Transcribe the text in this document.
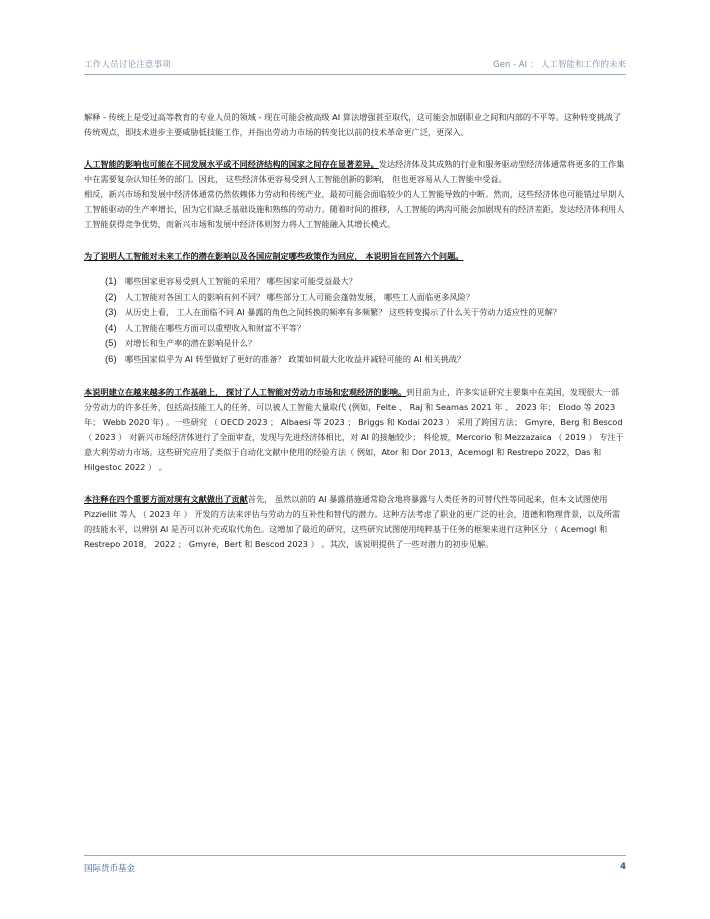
工作人员讨论注意事项	Gen - AI ： 人工智能和工作的未来

解释 - 传统上是受过高等教育的专业人员的领域 - 现在可能会被高级 AI 算法增强甚至取代，这可能会加剧职业之间和内部的不平等。这种转变挑战了传统观点，即技术进步主要威胁低技能工作，并指出劳动力市场的转变比以前的技术革命更广泛，更深入。

人工智能的影响也可能在不同发展水平或不同经济结构的国家之间存在显著差异。发达经济体及其成熟的行业和服务驱动型经济体通常将更多的工作集中在需要复杂认知任务的部门。因此， 这些经济体更容易受到人工智能创新的影响， 但也更容易从人工智能中受益。

相反，新兴市场和发展中经济体通常仍然依赖体力劳动和传统产业，最初可能会面临较少的人工智能导致的中断。然而，这些经济体也可能错过早期人工智能驱动的生产率增长，因为它们缺乏基础设施和熟练的劳动力。随着时间的推移，人工智能的鸿沟可能会加剧现有的经济差距，发达经济体利用人工智能获得竞争优势，而新兴市场和发展中经济体则努力将人工智能融入其增长模式。

为了说明人工智能对未来工作的潜在影响以及各国应制定哪些政策作为回应， 本说明旨在回答六个问题。

(1)	哪些国家更容易受到人工智能的采用？ 哪些国家可能受益最大？
(2)	人工智能对各国工人的影响有何不同？ 哪些部分工人可能会蓬勃发展， 哪些工人面临更多风险？
(3)	从历史上看， 工人在面临不同 AI 暴露的角色之间转换的频率有多频繁？ 这些转变揭示了什么关于劳动力适应性的见解？
(4)	人工智能在哪些方面可以重塑收入和财富不平等？
(5)	对增长和生产率的潜在影响是什么？
(6)	哪些国家似乎为 AI 转型做好了更好的准备？ 政策如何最大化收益并减轻可能的 AI 相关挑战？

本说明建立在越来越多的工作基础上， 探讨了人工智能对劳动力市场和宏观经济的影响。到目前为止，许多实证研究主要集中在美国，发现很大一部分劳动力的许多任务，包括高技能工人的任务，可以被人工智能大量取代 (例如，Felte 、 Raj 和 Seamas 2021 年 、 2023 年； Elodo 等 2023 年； Webb 2020 年) 。一些研究 （ OECD 2023 ； Albaesi 等 2023 ； Briggs 和 Kodai 2023 ） 采用了跨国方法； Gmyre，Berg 和 Bescod （ 2023 ） 对新兴市场经济体进行了全面审查，发现与先进经济体相比，对 AI 的接触较少； 科伦坡，Mercorio 和 Mezzazaica （ 2019 ） 专注于意大利劳动力市场。这些研究应用了类似于自动化文献中使用的经验方法（ 例如，Ator 和 Dor 2013，Acemogl 和 Restrepo 2022，Das 和 Hilgestoc 2022 ） 。

本注释在四个重要方面对现有文献做出了贡献首先， 虽然以前的 AI 暴露措施通常隐含地将暴露与人类任务的可替代性等同起来，但本文试图使用 Pizziellit 等人 （ 2023 年 ） 开发的方法来评估与劳动力的互补性和替代的潜力。这种方法考虑了职业的更广泛的社会，道德和物理背景，以及所需的技能水平，以辨别 AI 是否可以补充或取代角色。这增加了最近的研究，这些研究试图使用纯粹基于任务的框架来进行这种区分 （ Acemogl 和 Restrepo 2018， 2022 ； Gmyre，Bert 和 Bescod 2023 ） 。其次，该说明提供了一些对潜力的初步见解。

国际货币基金	4
